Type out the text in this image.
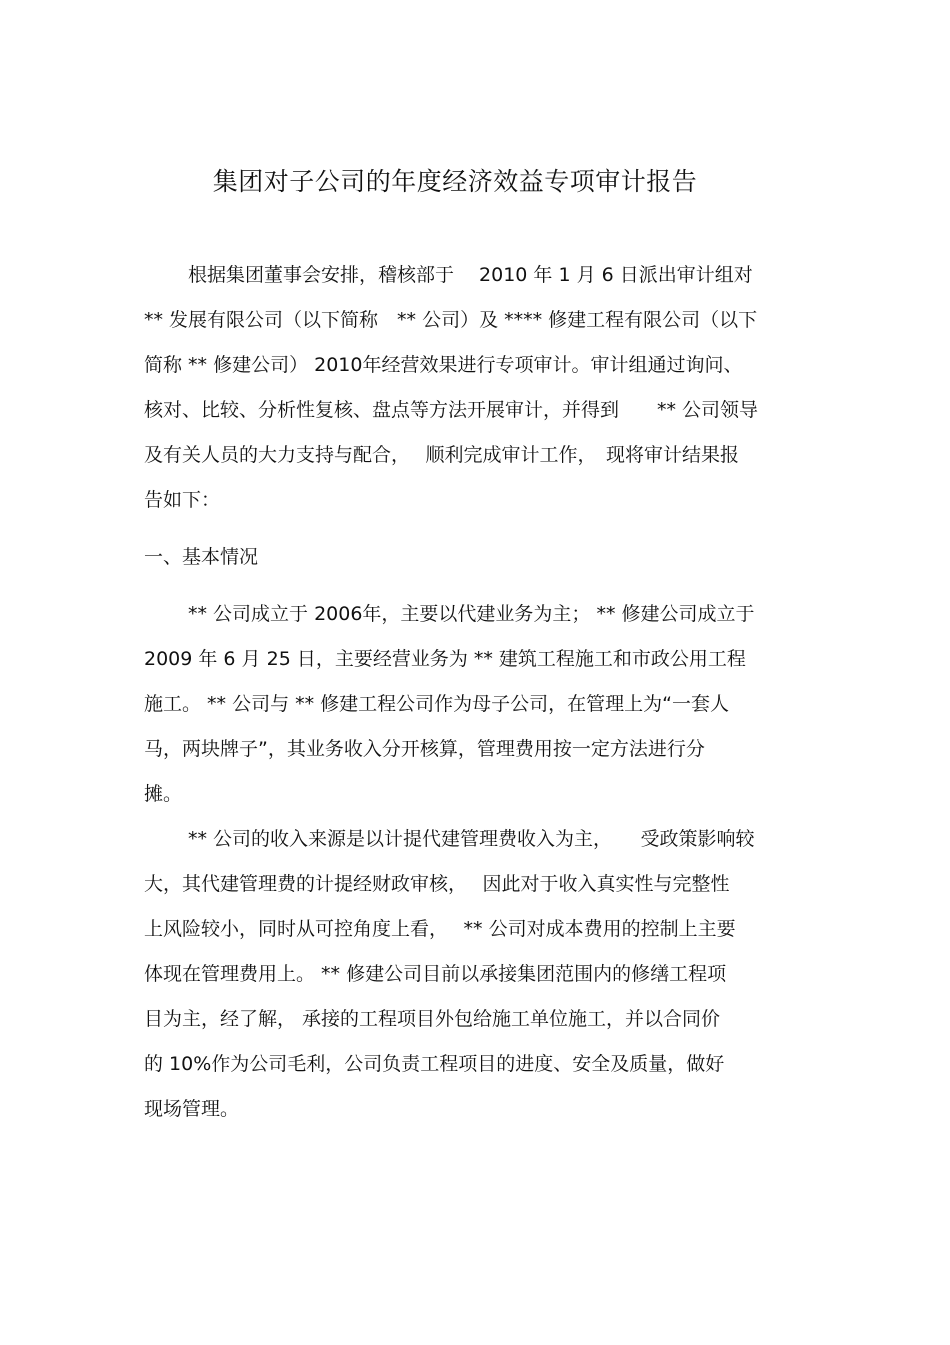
集团对子公司的年度经济效益专项审计报告
根据集团董事会安排，稽核部于　 2010 年 1 月 6 日派出审计组对
** 发展有限公司（以下简称　** 公司）及 **** 修建工程有限公司（以下
简称 ** 修建公司） 2010年经营效果进行专项审计。审计组通过询问、
核对、比较、分析性复核、盘点等方法开展审计，并得到　　** 公司领导
及有关人员的大力支持与配合，　 顺利完成审计工作，　现将审计结果报
告如下：
一、基本情况
** 公司成立于 2006年，主要以代建业务为主； ** 修建公司成立于
2009 年 6 月 25 日，主要经营业务为 ** 建筑工程施工和市政公用工程
施工。 ** 公司与 ** 修建工程公司作为母子公司，在管理上为“一套人
马，两块牌子”，其业务收入分开核算，管理费用按一定方法进行分
摊。
** 公司的收入来源是以计提代建管理费收入为主，　　受政策影响较
大，其代建管理费的计提经财政审核，　 因此对于收入真实性与完整性
上风险较小，同时从可控角度上看，　 ** 公司对成本费用的控制上主要
体现在管理费用上。 ** 修建公司目前以承接集团范围内的修缮工程项
目为主，经了解， 承接的工程项目外包给施工单位施工，并以合同价
的 10%作为公司毛利，公司负责工程项目的进度、安全及质量，做好
现场管理。
